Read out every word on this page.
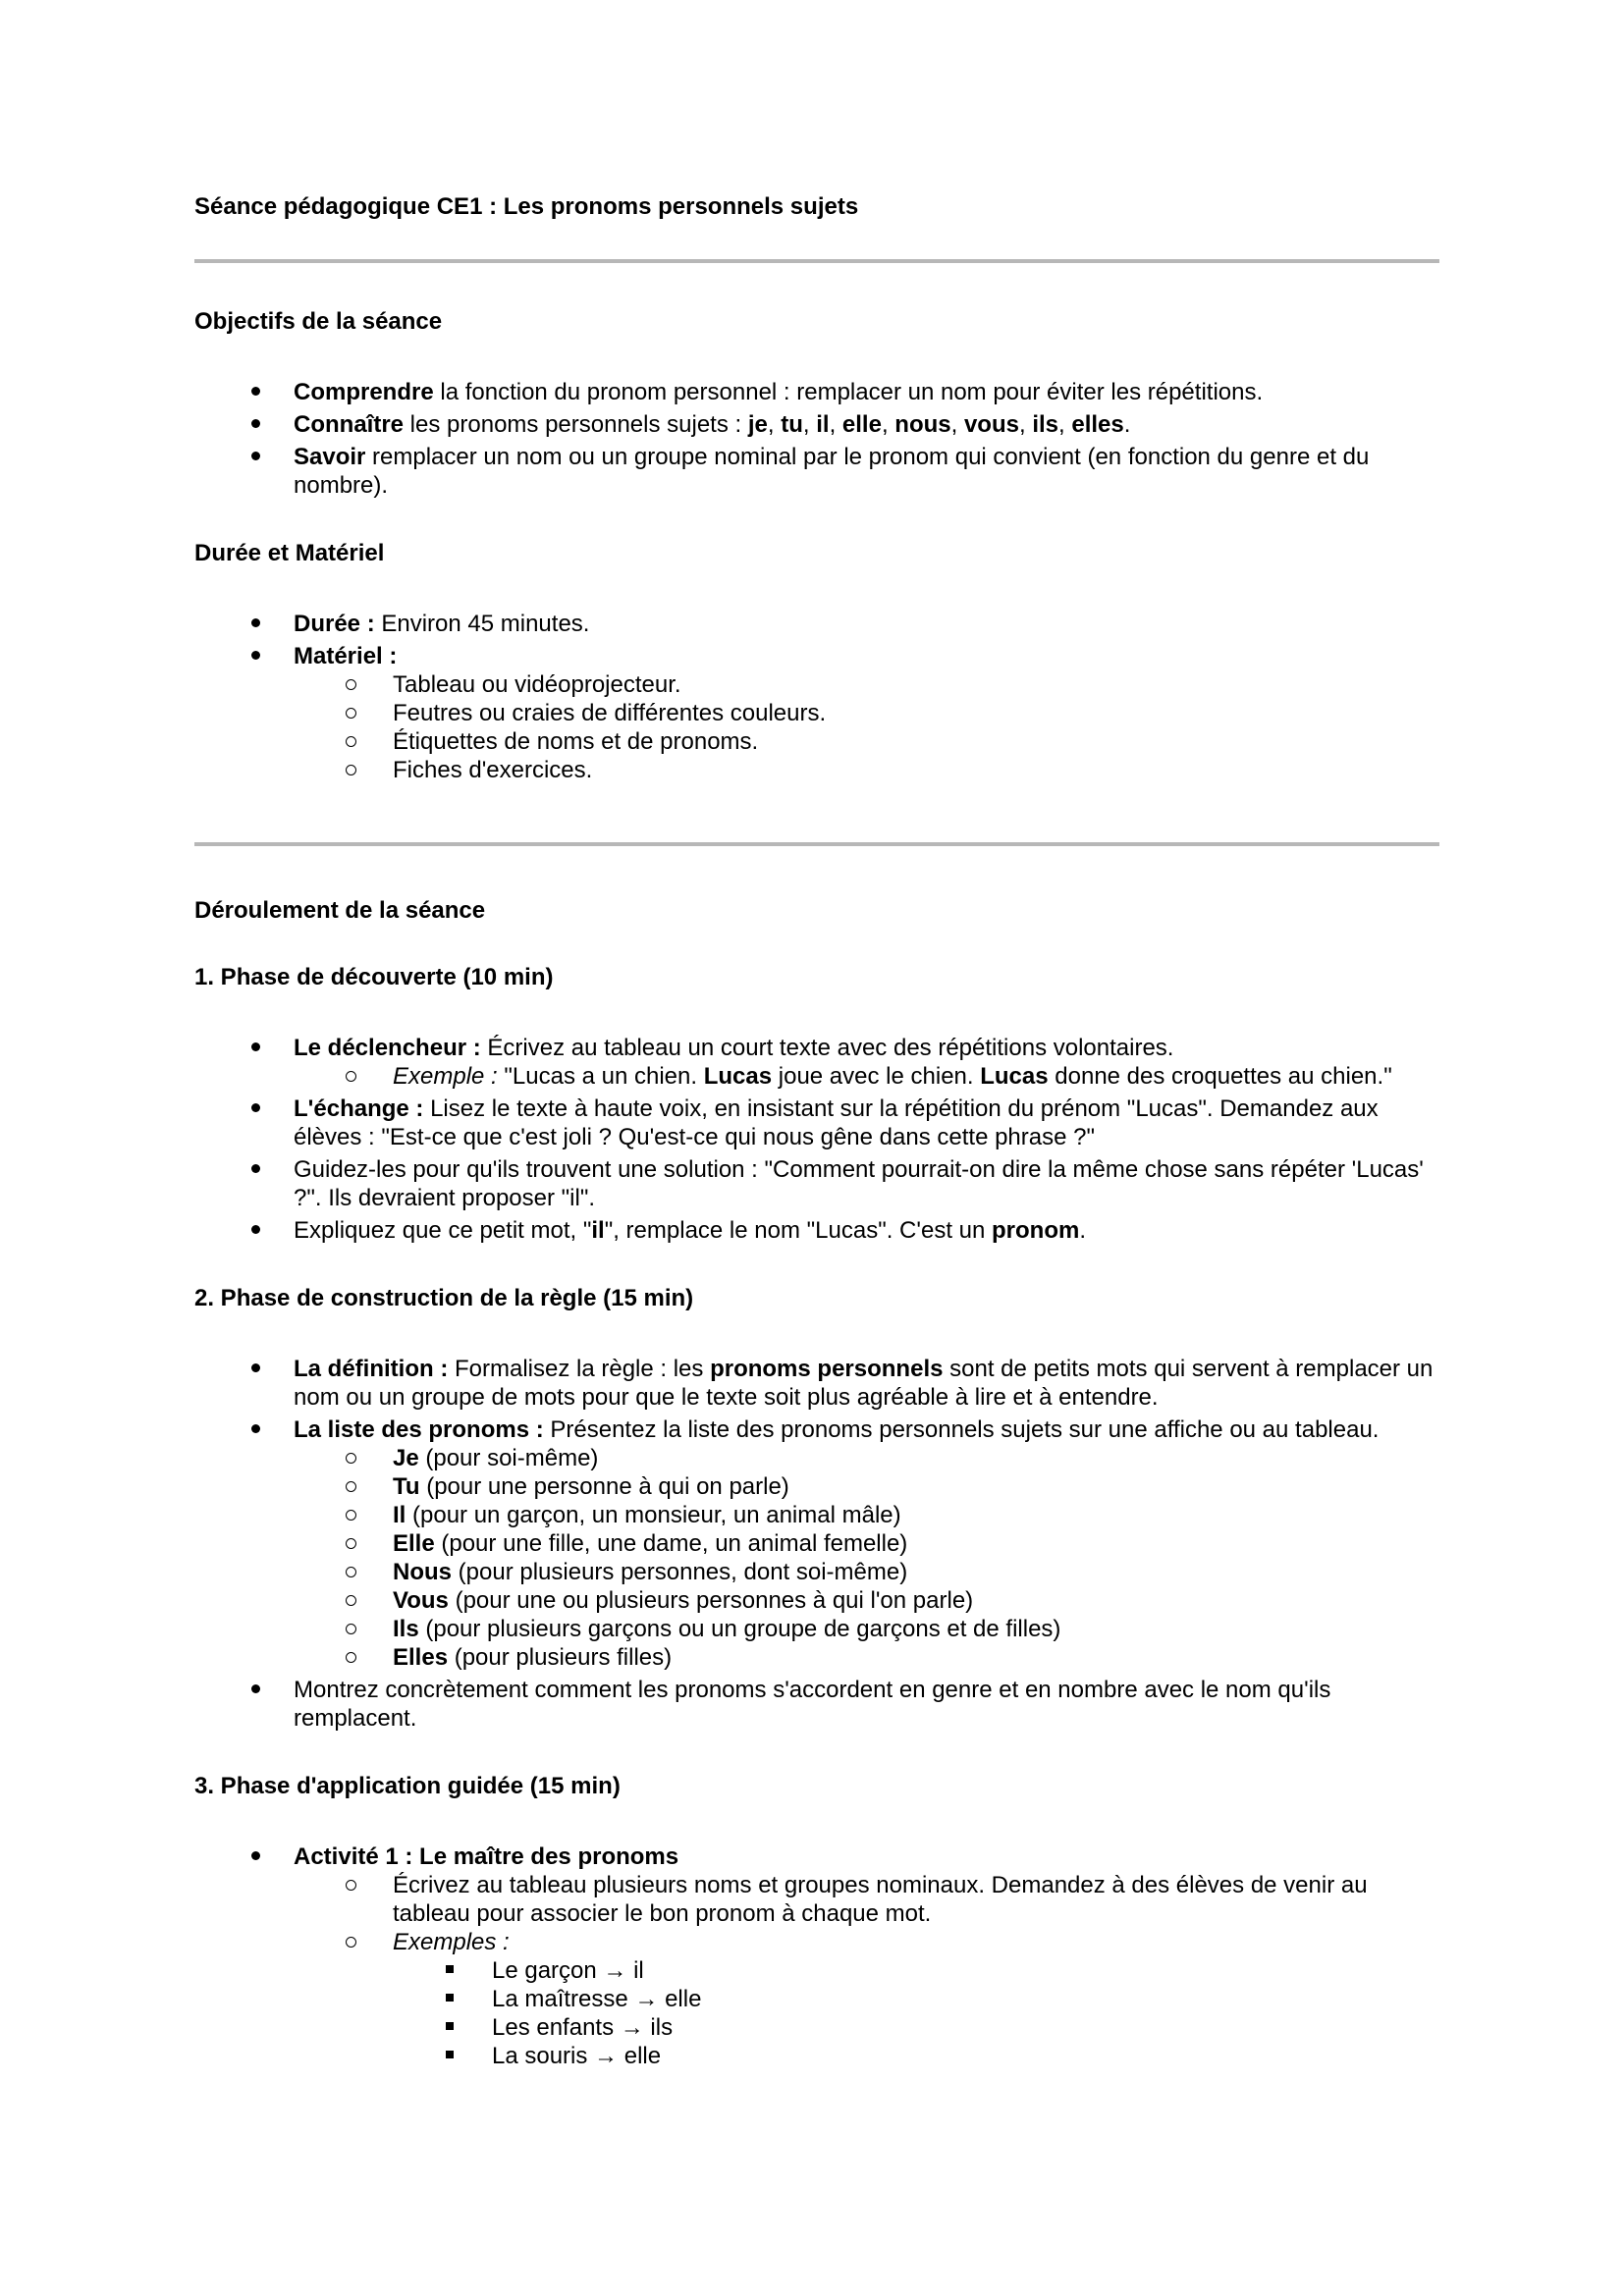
Séance pédagogique CE1 : Les pronoms personnels sujets
Objectifs de la séance
Comprendre la fonction du pronom personnel : remplacer un nom pour éviter les répétitions.
Connaître les pronoms personnels sujets : je, tu, il, elle, nous, vous, ils, elles.
Savoir remplacer un nom ou un groupe nominal par le pronom qui convient (en fonction du genre et du nombre).
Durée et Matériel
Durée : Environ 45 minutes.
Matériel :
Tableau ou vidéoprojecteur.
Feutres ou craies de différentes couleurs.
Étiquettes de noms et de pronoms.
Fiches d'exercices.
Déroulement de la séance
1. Phase de découverte (10 min)
Le déclencheur : Écrivez au tableau un court texte avec des répétitions volontaires.
Exemple : "Lucas a un chien. Lucas joue avec le chien. Lucas donne des croquettes au chien."
L'échange : Lisez le texte à haute voix, en insistant sur la répétition du prénom "Lucas". Demandez aux élèves : "Est-ce que c'est joli ? Qu'est-ce qui nous gêne dans cette phrase ?"
Guidez-les pour qu'ils trouvent une solution : "Comment pourrait-on dire la même chose sans répéter 'Lucas' ?". Ils devraient proposer "il".
Expliquez que ce petit mot, "il", remplace le nom "Lucas". C'est un pronom.
2. Phase de construction de la règle (15 min)
La définition : Formalisez la règle : les pronoms personnels sont de petits mots qui servent à remplacer un nom ou un groupe de mots pour que le texte soit plus agréable à lire et à entendre.
La liste des pronoms : Présentez la liste des pronoms personnels sujets sur une affiche ou au tableau.
Je (pour soi-même)
Tu (pour une personne à qui on parle)
Il (pour un garçon, un monsieur, un animal mâle)
Elle (pour une fille, une dame, un animal femelle)
Nous (pour plusieurs personnes, dont soi-même)
Vous (pour une ou plusieurs personnes à qui l'on parle)
Ils (pour plusieurs garçons ou un groupe de garçons et de filles)
Elles (pour plusieurs filles)
Montrez concrètement comment les pronoms s'accordent en genre et en nombre avec le nom qu'ils remplacent.
3. Phase d'application guidée (15 min)
Activité 1 : Le maître des pronoms
Écrivez au tableau plusieurs noms et groupes nominaux. Demandez à des élèves de venir au tableau pour associer le bon pronom à chaque mot.
Exemples :
Le garçon → il
La maîtresse → elle
Les enfants → ils
La souris → elle
